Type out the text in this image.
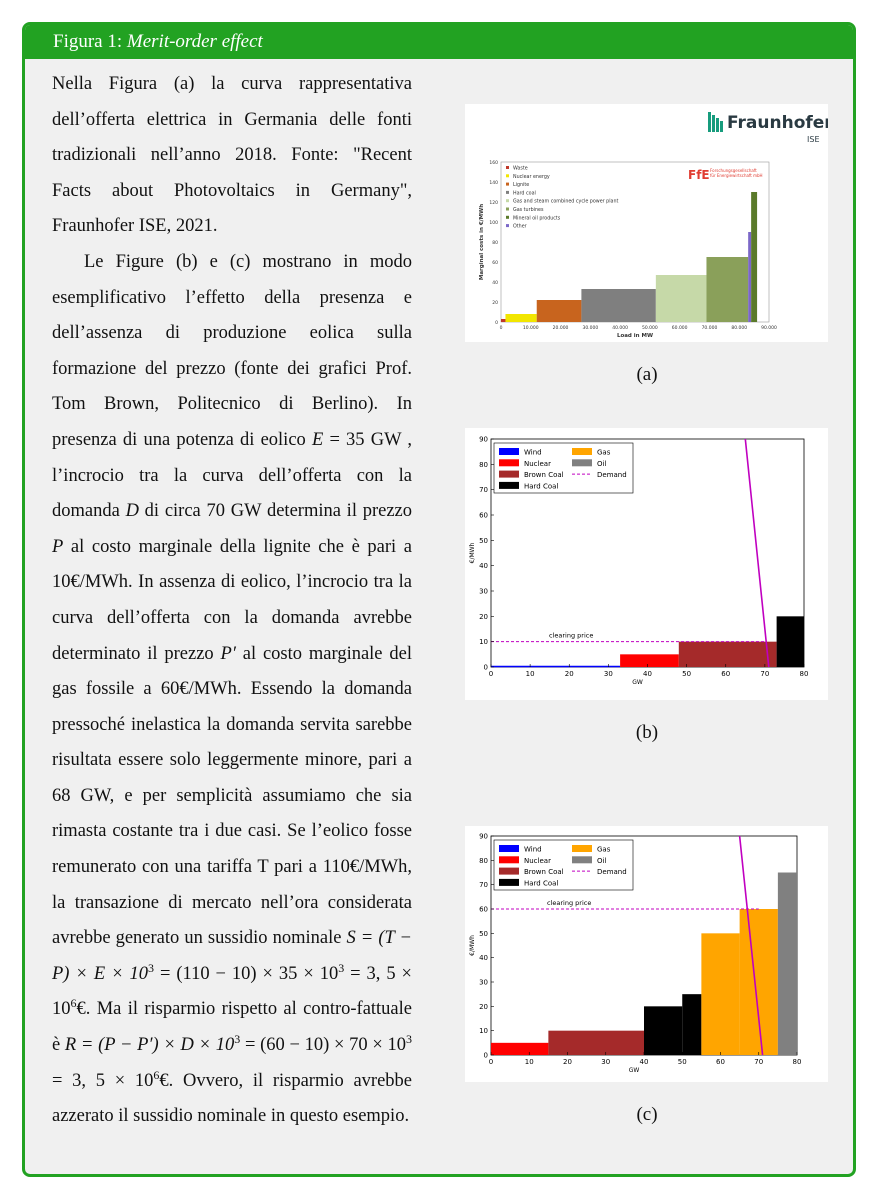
Figura 1: Merit-order effect

Nella Figura (a) la curva rappresentativa dell’offerta elettrica in Germania delle fonti tradizionali nell’anno 2018. Fonte: "Recent Facts about Photovoltaics in Germany", Fraunhofer ISE, 2021.

Le Figure (b) e (c) mostrano in modo esemplificativo l’effetto della presenza e dell’assenza di produzione eolica sulla formazione del prezzo (fonte dei grafici Prof. Tom Brown, Politecnico di Berlino). In presenza di una potenza di eolico E = 35 GW , l’incrocio tra la curva dell’offerta con la domanda D di circa 70 GW determina il prezzo P al costo marginale della lignite che è pari a 10€/MWh. In assenza di eolico, l’incrocio tra la curva dell’offerta con la domanda avrebbe determinato il prezzo P′ al costo marginale del gas fossile a 60€/MWh. Essendo la domanda pressoché inelastica la domanda servita sarebbe risultata essere solo leggermente minore, pari a 68 GW, e per semplicità assumiamo che sia rimasta costante tra i due casi. Se l’eolico fosse remunerato con una tariffa T pari a 110€/MWh, la transazione di mercato nell’ora considerata avrebbe generato un sussidio nominale $S = (T - P) \times E \times 10^3 = (110 - 10) \times 35 \times 10^3 = 3$, $5 \times 10^6€$. Ma il risparmio rispetto al contro-fattuale è $R = (P - P') \times D \times 10^3 = (60 - 10) \times 70 \times 10^3 = 3$, $5 \times 10^6€$. Ovvero, il risparmio avrebbe azzerato il sussidio nominale in questo esempio.

Fraunhofer
ISE
0
20
40
60
80
100
120
140
160
0	10.000	20.000	30.000	40.000	50.000	60.000	70.000	80.000	90.000
Load in MW
Marginal costs in €/MWh
Waste
Nuclear energy
Lignite
Hard coal
Gas and steam combined cycle power plant
Gas turbines
Mineral oil products
Other
FfE Forschungsgesellschaft
für Energiewirtschaft mbH
(a)
clearing price
0
10
20
30
40
50
60
70
80
90
0	10	20	30	40	50	60	70	80
GW
€/MWh
Wind
Nuclear
Brown Coal
Hard Coal
Gas
Oil
Demand
(b)
clearing price
0
10
20
30
40
50
60
70
80
90
0	10	20	30	40	50	60	70	80
GW
€/MWh
Wind
Nuclear
Brown Coal
Hard Coal
Gas
Oil
Demand
(c)
